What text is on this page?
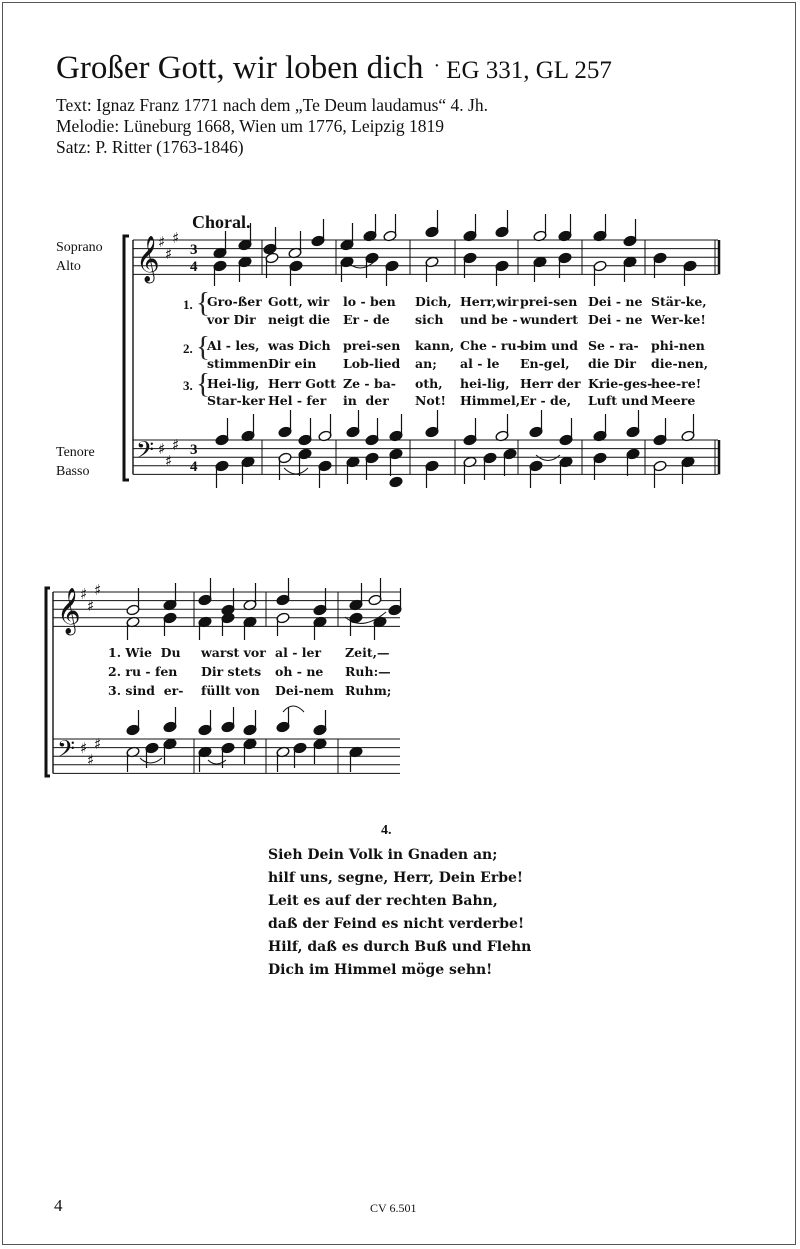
Großer Gott, wir loben dich · EG 331, GL 257
Text: Ignaz Franz 1771 nach dem „Te Deum laudamus“ 4. Jh.
Melodie: Lüneburg 1668, Wien um 1776, Leipzig 1819
Satz: P. Ritter (1763-1846)
Choral.
Soprano
Alto
Tenore
Basso
𝄞
𝄢
♯
♯
♯
♯
♯
♯
3
4
3
4
𝄞
𝄢
♯
♯
♯
♯
♯
♯
Gro-ßer Gott, wir lo - ben Dich, Herr,wir prei-sen Dei - ne Stär-ke,
vor Dir neigt die Er - de sich und be - wundert Dei - ne Wer-ke!
Al - les, was Dich prei-sen kann, Che - ru-
bim und Se - ra- phi-nen
stimmen Dir ein Lob-lied an; al - le En-gel, die Dir die-nen,
Hei-lig, Herr Gott Ze - ba- oth, hei-lig, Herr der Krie-ges-
hee-re!
Star-ker Hel - fer in  der Not! Himmel, Er - de, Luft und Meere
1. {
2. {
3. {
1. Wie  Du warst vor al - ler Zeit,—
2. ru - fen Dir stets oh - ne Ruh:—
3. sind  er- füllt von Dei-nem Ruhm;
4.
Sieh Dein Volk in Gnaden an;
hilf uns, segne, Herr, Dein Erbe!
Leit es auf der rechten Bahn,
daß der Feind es nicht verderbe!
Hilf, daß es durch Buß und Flehn
Dich im Himmel möge sehn!
4	CV 6.501
